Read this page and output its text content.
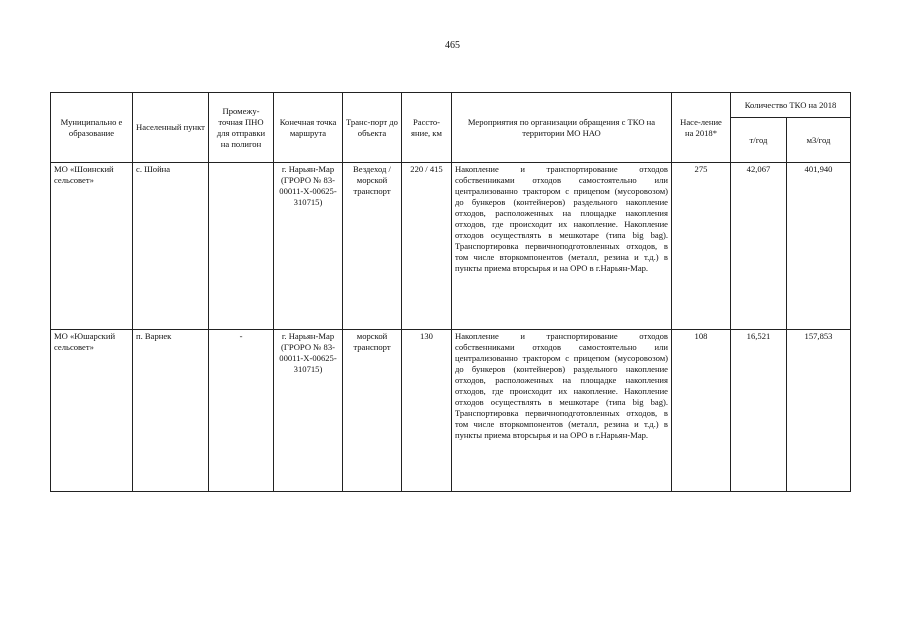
465
Муниципально е образование	Населенный пункт	Промежу-точная ПНО для отправки на полигон	Конечная точка маршрута	Транс-порт до объекта	Рассто-яние, км	Мероприятия по организации обращения с ТКО на территории МО НАО	Насе-ление на 2018*	Количество ТКО на 2018	
								т/год	м3/год
МО «Шоинский сельсовет»	с. Шойна		г. Нарьян-Мар (ГРОРО № 83-00011-Х-00625-310715)	Вездеход / морской транспорт	220 / 415	Накопление и транспортирование отходов собственниками отходов самостоятельно или централизованно трактором с прицепом (мусоровозом) до бункеров (контейнеров) раздельного накопление отходов, расположенных на площадке накопления отходов, где происходит их накопление. Накопление отходов осуществлять в мешкотаре (типа big bag). Транспортировка первичноподготовленных отходов, в том числе вторкомпонентов (металл, резина и т.д.) в пункты приема вторсырья и на ОРО в г.Нарьян-Мар.	275	42,067	401,940
МО «Юшарский сельсовет»	п. Варнек	-	г. Нарьян-Мар (ГРОРО № 83-00011-Х-00625-310715)	морской транспорт	130	Накопление и транспортирование отходов собственниками отходов самостоятельно или централизованно трактором с прицепом (мусоровозом) до бункеров (контейнеров) раздельного накопление отходов, расположенных на площадке накопления отходов, где происходит их накопление. Накопление отходов осуществлять в мешкотаре (типа big bag). Транспортировка первичноподготовленных отходов, в том числе вторкомпонентов (металл, резина и т.д.) в пункты приема вторсырья и на ОРО в г.Нарьян-Мар.	108	16,521	157,853
